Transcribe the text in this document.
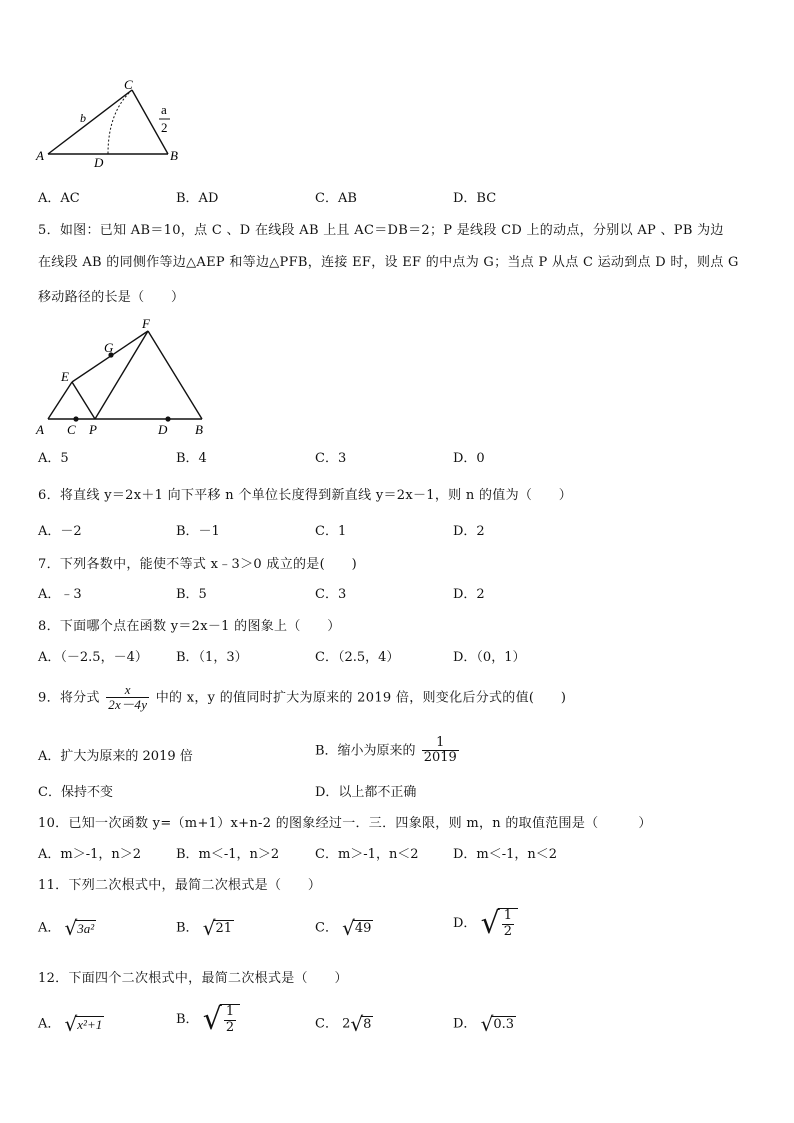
A	B
C
D
b
a
2
A．AC	B．AD	C．AB	D．BC
5．如图：已知 AB＝10，点 C 、D 在线段 AB 上且 AC＝DB＝2；P 是线段 CD 上的动点，分别以 AP 、PB 为边
在线段 AB 的同侧作等边△AEP 和等边△PFB，连接 EF，设 EF 的中点为 G；当点 P 从点 C 运动到点 D 时，则点 G
移动路径的长是（　　）
A C P	D B
E
G
F
A．5	B．4	C．3	D．0
6．将直线 y＝2x＋1 向下平移 n 个单位长度得到新直线 y＝2x－1，则 n 的值为（　　）
A．－2	B．－1	C．1	D．2
7．下列各数中，能使不等式 x﹣3＞0 成立的是(　　)
A．﹣3	B．5	C．3	D．2
8．下面哪个点在函数 y＝2x－1 的图象上（　　）
A．（－2.5，－4） B．（1，3）	C．（2.5，4）	D．（0，1）
9．将分式 $\frac{x}{2x-4y}$ 中的 x，y 的值同时扩大为原来的 2019 倍，则变化后分式的值(　　)
A．扩大为原来的 2019 倍	B．缩小为原来的 $\frac{1}{2019}$
C．保持不变	D．以上都不正确
10．已知一次函数 y=（m+1）x+n-2 的图象经过一．三．四象限，则 m，n 的取值范围是（　　　）
A．m＞-1，n＞2	B．m＜-1，n＞2	C．m＞-1，n＜2	D．m＜-1，n＜2
11．下列二次根式中，最简二次根式是（　　）
A． √3a²	B． √21	C． √49	D． √ $\frac{1}{2}$
12．下面四个二次根式中，最简二次根式是（　　）
A． √x²+1	B． √ $\frac{1}{2}$	C． 2√8	D． √0.3
